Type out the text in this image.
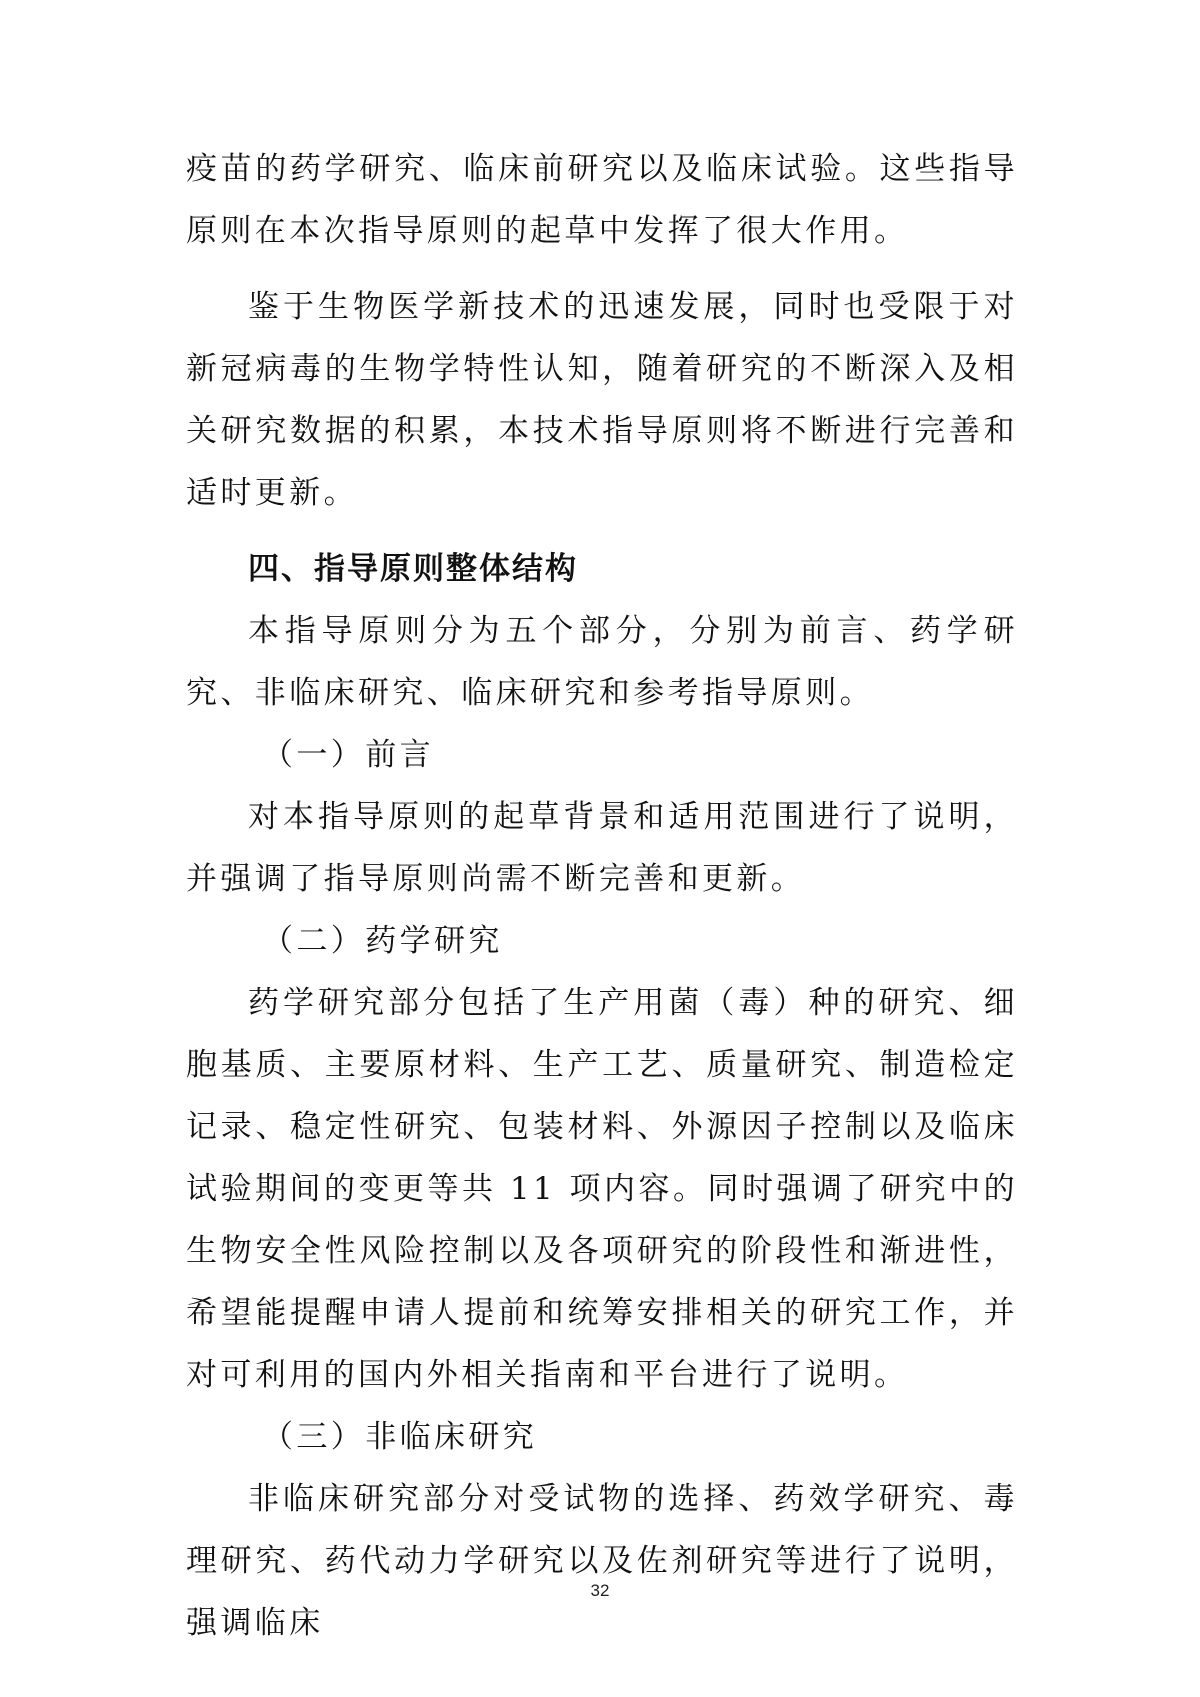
疫苗的药学研究、临床前研究以及临床试验。这些指导原则在本次指导原则的起草中发挥了很大作用。

鉴于生物医学新技术的迅速发展，同时也受限于对新冠病毒的生物学特性认知，随着研究的不断深入及相关研究数据的积累，本技术指导原则将不断进行完善和适时更新。

四、指导原则整体结构

本指导原则分为五个部分，分别为前言、药学研究、非临床研究、临床研究和参考指导原则。

（一）前言

对本指导原则的起草背景和适用范围进行了说明，并强调了指导原则尚需不断完善和更新。

（二）药学研究

药学研究部分包括了生产用菌（毒）种的研究、细胞基质、主要原材料、生产工艺、质量研究、制造检定记录、稳定性研究、包装材料、外源因子控制以及临床试验期间的变更等共 11 项内容。同时强调了研究中的生物安全性风险控制以及各项研究的阶段性和渐进性，希望能提醒申请人提前和统筹安排相关的研究工作，并对可利用的国内外相关指南和平台进行了说明。

（三）非临床研究

非临床研究部分对受试物的选择、药效学研究、毒理研究、药代动力学研究以及佐剂研究等进行了说明，强调临床

32
